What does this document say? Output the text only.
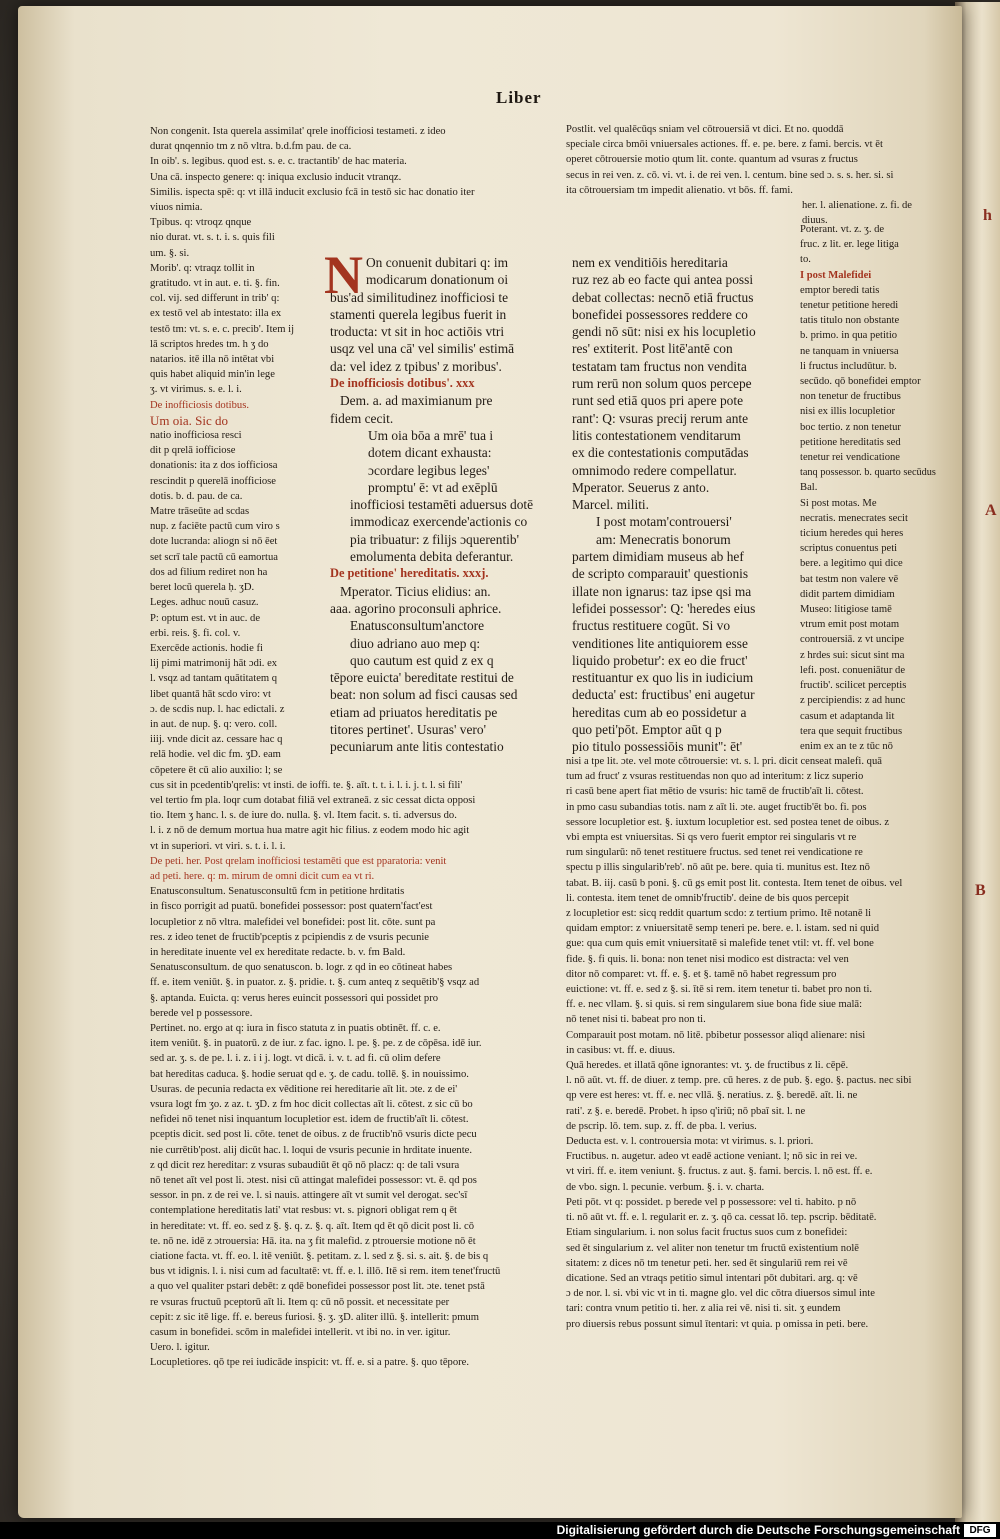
h
A
B
Liber

Non congenit. Ista querela assimilat' qrele inofficiosi testameti. z ideo

durat qnqennio tm z nō vltra. b.d.fm pau. de ca.

In oib'. s. legibus. quod est. s. e. c. tractantib' de hac materia.

Una cā. inspecto genere: q: iniqua exclusio inducit vtranqz.

Similis. ispecta spē: q: vt illā inducit exclusio fcā in testō sic hac donatio iter

viuos nimia.

Tpibus. q: vtroqz qnque

nio durat. vt. s. t. i. s. quis fili

um. §. si.

Morib'. q: vtraqz tollit in

gratitudo. vt in aut. e. ti. §. fin.

col. vij. sed differunt in trib' q:

ex testō vel ab intestato: illa ex

testō tm: vt. s. e. c. precib'. Item ij

lā scriptos hredes tm. h ʒ do

natarios. itē illa nō intētat vbi

quis habet aliquid min'in lege

ʒ. vt virimus. s. e. l. i.

De inofficiosis dotibus.

Um oia. Sic do

natio inofficiosa resci

dit p qrelā iofficiose

donationis: ita z dos iofficiosa

rescindit p querelā inofficiose

dotis. b. d. pau. de ca.

Matre trāseūte ad scdas

nup. z faciēte pactū cum viro s

dote lucranda: aliogn si nō ēet

set scrī tale pactū cū eamortua

dos ad filium rediret non ha

beret locū querela ḥ. ʒD.

Leges. adhuc nouū casuz.

P: optum est. vt in auc. de

erbi. reis. §. fi. col. v.

Exercēde actionis. hodie fi

lij pimi matrimonij hāt ɔdi. ex

l. vsqz ad tantam quātitatem q

libet quantā hāt scdo viro: vt

ɔ. de scdis nup. l. hac edictali. z

in aut. de nup. §. q: vero. coll.

iiij. vnde dicit az. cessare hac q

relā hodie. vel dic fm. ʒD. eam

cōpetere ēt cū alio auxilio: l; se

cus sit in pcedentib'qrelis: vt insti. de ioffi. te. §. aīt. t. t. i. l. i. j. t. l. si fili'

vel tertio fm pla. loqr cum dotabat filiā vel extraneā. z sic cessat dicta opposi

tio. Item ʒ hanc. l. s. de iure do. nulla. §. vl. Item facit. s. ti. adversus do.

l. i. z nō de demum mortua hua matre agit hic filius. z eodem modo hic agit

vt in superiori. vt viri. s. t. i. l. i.

De peti. her. Post qrelam inofficiosi testamēti que est pparatoria: venit

ad peti. here. q: m. mirum de omni dicit cum ea vt ri.

Enatusconsultum. Senatusconsultū fcm in petitione hrditatis

in fisco porrigit ad puatū. bonefidei possessor: post quatern'fact'est

locupletior z nō vltra. malefidei vel bonefidei: post lit. cōte. sunt pa

res. z ideo tenet de fructib'pceptis z pcipiendis z de vsuris pecunie

in hereditate inuente vel ex hereditate redacte. b. v. fm Bald.

Senatusconsultum. de quo senatuscon. b. logr. z qd in eo cōtineat habes

ff. e. item veniūt. §. in puator. z. §. pridie. t. §. cum anteq z sequētib'§ vsqz ad

§. aptanda. Euicta. q: verus heres euincit possessori qui possidet pro

berede vel p possessore.

Pertinet. no. ergo at q: iura in fisco statuta z in puatis obtinēt. ff. c. e.

item veniūt. §. in puatorū. z de iur. z fac. igno. l. pe. §. pe. z de cōpēsa. idē iur.

sed ar. ʒ. s. de pe. l. i. z. i i j. logt. vt dicā. i. v. t. ad fi. cū olim defere

bat hereditas caduca. §. hodie seruat qd e. ʒ. de cadu. tollē. §. in nouissimo.

Usuras. de pecunia redacta ex vēditione rei hereditarie aīt lit. ɔte. z de ei'

vsura logt fm ʒo. z az. t. ʒD. z fm hoc dicit collectas aīt li. cōtest. z sic cū bo

nefidei nō tenet nisi inquantum locupletior est. idem de fructib'aīt li. cōtest.

pceptis dicit. sed post li. cōte. tenet de oibus. z de fructib'nō vsuris dicte pecu

nie currētib'post. alij dicūt hac. l. loqui de vsuris pecunie in hrditate inuente.

z qd dicit rez hereditar: z vsuras subaudiūt ēt qō nō placz: q: de tali vsura

nō tenet aīt vel post li. ɔtest. nisi cū attingat malefidei possessor: vt. ē. qd pos

sessor. in pn. z de rei ve. l. si nauis. attingere aīt vt sumit vel derogat. sec'sī

contemplatione hereditatis lati' vtat resbus: vt. s. pignori obligat rem q ēt

in hereditate: vt. ff. eo. sed z §. §. q. z. §. q. aīt. Item qd ēt qō dicit post li. cō

te. nō ne. idē z ɔtrouersia: Hā. ita. na ʒ fit malefid. z ptrouersie motione nō ēt

ciatione facta. vt. ff. eo. l. itē veniūt. §. petitam. z. l. sed z §. si. s. ait. §. de bis q

bus vt idignis. l. i. nisi cum ad facultatē: vt. ff. e. l. illō. Itē si rem. item tenet'fructū

a quo vel qualiter pstari debēt: z qdē bonefidei possessor post lit. ɔte. tenet pstā

re vsuras fructuū pceptorū aīt li. Item q: cū nō possit. et necessitate per

cepit: z sic itē lige. ff. e. bereus furiosi. §. ʒ. ʒD. aliter illū. §. intellerit: pmum

casum in bonefidei. scōm in malefidei intellerit. vt ibi no. in ver. igitur.

Uero. l. igitur.

Locupletiores. qō tpe rei iudicāde inspicit: vt. ff. e. si a patre. §. quo tēpore.

N On conuenit dubitari q: im

modicarum donationum oi

bus'ad similitudinez inofficiosi te

stamenti querela legibus fuerit in

troducta: vt sit in hoc actiōis vtri

usqz vel una cā' vel similis' estimā

da: vel idez z tpibus' z moribus'.

De inofficiosis dotibus'. xxx

Dem. a. ad maximianum pre

fidem cecit.

Um oia bōa a mrē' tua i

dotem dicant exhausta:

ɔcordare legibus leges'

promptu' ē: vt ad exēplū

inofficiosi testamēti aduersus dotē

immodicaz exercende'actionis co

pia tribuatur: z filijs ɔquerentib'

emolumenta debita deferantur.

De petitione' hereditatis. xxxj.

Mperator. Ticius elidius: an.

aaa. agorino proconsuli aphrice.

Enatusconsultum'anctore

diuo adriano auo mep q:

quo cautum est quid z ex q

tēpore euicta' bereditate restitui de

beat: non solum ad fisci causas sed

etiam ad priuatos hereditatis pe

titores pertinet'. Usuras' vero'

pecuniarum ante litis contestatio

nem ex venditiōis hereditaria

ruz rez ab eo facte qui antea possi

debat collectas: necnō etiā fructus

bonefidei possessores reddere co

gendi nō sūt: nisi ex his locupletio

res' extiterit. Post litē'antē con

testatam tam fructus non vendita

rum rerū non solum quos percepe

runt sed etiā quos pri apere pote

rant': Q: vsuras precij rerum ante

litis contestationem venditarum

ex die contestationis computādas

omnimodo redere compellatur.

Mperator. Seuerus z anto.

Marcel. militi.

I post motam'controuersi'

am: Menecratis bonorum

partem dimidiam museus ab hef

de scripto comparauit' questionis

illate non ignarus: taz ipse qsi ma

lefidei possessor': Q: 'heredes eius

fructus restituere cogūt. Si vo

venditiones lite antiquiorem esse

liquido probetur': ex eo die fruct'

restituantur ex quo lis in iudicium

deducta' est: fructibus' eni augetur

hereditas cum ab eo possidetur a

quo peti'pōt. Emptor aūt q p

pio titulo possessiōis munit'': ēt'

Postlit. vel qualēcūqs sniam vel cōtrouersiā vt dici. Et no. quoddā

speciale circa bmōi vniuersales actiones. ff. e. pe. bere. z fami. bercis. vt ēt

operet cōtrouersie motio qtum lit. conte. quantum ad vsuras z fructus

secus in rei ven. z. cō. vi. vt. i. de rei ven. l. centum. bine sed ɔ. s. s. her. si. si

ita cōtrouersiam tm impedit alienatio. vt bōs. ff. fami.

her. l. alienatione. z. fi. de

diuus.

Poterant. vt. z. ʒ. de

fruc. z lit. er. lege litiga

to.

I post Malefidei

emptor beredi tatis

tenetur petitione heredi

tatis titulo non obstante

b. primo. in qua petitio

ne tanquam in vniuersa

li fructus includūtur. b.

secūdo. qō bonefidei emptor

non tenetur de fructibus

nisi ex illis locupletior

boc tertio. z non tenetur

petitione hereditatis sed

tenetur rei vendicatione

tanq possessor. b. quarto secūdus

Bal.

Si post motas. Me

necratis. menecrates secit

ticium heredes qui heres

scriptus conuentus peti

bere. a legitimo qui dice

bat testm non valere vē

didit partem dimidiam

Museo: litigiose tamē

vtrum emit post motam

controuersiā. z vt uncipe

z hrdes sui: sicut sint ma

lefi. post. conueniātur de

fructib'. scilicet perceptis

z percipiendis: z ad hunc

casum et adaptanda lit

tera que sequit fructibus

enim ex an te z tūc nō

nisi a tpe lit. ɔte. vel mote cōtrouersie: vt. s. l. pri. dicit censeat malefi. quā

tum ad fruct' z vsuras restituendas non quo ad interitum: z licz superio

ri casū bene apert fiat mētio de vsuris: hic tamē de fructib'aīt li. cōtest.

in pmo casu subandias totis. nam z aīt li. ɔte. auget fructib'ēt bo. fi. pos

sessore locupletior est. §. iuxtum locupletior est. sed postea tenet de oibus. z

vbi empta est vniuersitas. Si qs vero fuerit emptor rei singularis vt re

rum singularū: nō tenet restituere fructus. sed tenet rei vendicatione re

spectu p illis singularib'reb'. nō aūt pe. bere. quia ti. munitus est. Itez nō

tabat. B. iij. casū b poni. §. cū gs emit post lit. contesta. Item tenet de oibus. vel

li. contesta. item tenet de omnib'fructib'. deine de bis quos percepit

z locupletior est: sicq reddit quartum scdo: z tertium primo. Itē notanē li

quidam emptor: z vniuersitatē semp teneri pe. bere. e. l. istam. sed ni quid

gue: qua cum quis emit vniuersitatē si malefide tenet vtil: vt. ff. vel bone

fide. §. fi quis. li. bona: non tenet nisi modico est distracta: vel ven

ditor nō comparet: vt. ff. e. §. et §. tamē nō habet regressum pro

euictione: vt. ff. e. sed z §. si. ītē si rem. item tenetur ti. babet pro non ti.

ff. e. nec vllam. §. si quis. si rem singularem siue bona fide siue malā:

nō tenet nisi ti. babeat pro non ti.

Comparauit post motam. nō litē. pbibetur possessor aliqd alienare: nisi

in casibus: vt. ff. e. diuus.

Quā heredes. et illatā qōne ignorantes: vt. ʒ. de fructibus z li. cēpē.

l. nō aūt. vt. ff. de diuer. z temp. pre. cū heres. z de pub. §. ego. §. pactus. nec sibi

qp vere est heres: vt. ff. e. nec vllā. §. neratius. z. §. beredē. aīt. li. ne

rati'. z §. e. beredē. Probet. h ipso q'iriū; nō pbaī sit. l. ne

de pscrip. lō. tem. sup. z. ff. de pba. l. verius.

Deducta est. v. l. controuersia mota: vt virimus. s. l. priori.

Fructibus. n. augetur. adeo vt eadē actione veniant. l; nō sic in rei ve.

vt viri. ff. e. item veniunt. §. fructus. z aut. §. fami. bercis. l. nō est. ff. e.

de vbo. sign. l. pecunie. verbum. §. i. v. charta.

Peti pōt. vt q: possidet. p berede vel p possessore: vel ti. habito. p nō

ti. nō aūt vt. ff. e. l. regularit er. z. ʒ. qō ca. cessat lō. tep. pscrip. bēditatē.

Etiam singularium. i. non solus facit fructus suos cum z bonefidei:

sed ēt singularium z. vel aliter non tenetur tm fructū existentium nolē

sitatem: z dices nō tm tenetur peti. her. sed ēt singulariū rem rei vē

dicatione. Sed an vtraqs petitio simul intentari pōt dubitari. arg. q: vē

ɔ de nor. l. si. vbi vic vt in ti. magne glo. vel dic cōtra diuersos simul inte

tari: contra vnum petitio ti. her. z alia rei vē. nisi ti. sit. ʒ eundem

pro diuersis rebus possunt simul ītentari: vt quia. p omissa in peti. bere.

Digitalisierung gefördert durch die Deutsche Forschungsgemeinschaft DFG
